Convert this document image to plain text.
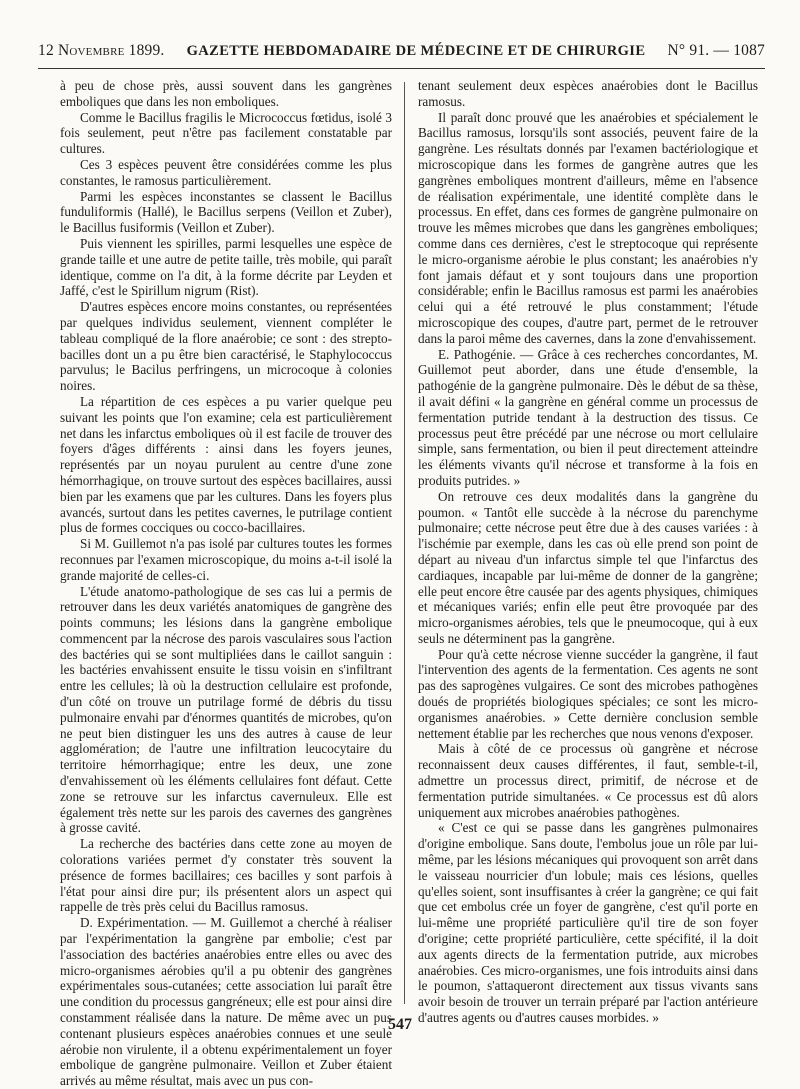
12 Novembre 1899. GAZETTE HEBDOMADAIRE DE MÉDECINE ET DE CHIRURGIE N° 91. — 1087

à peu de chose près, aussi souvent dans les gangrènes emboliques que dans les non emboliques.

Comme le Bacillus fragilis le Micrococcus fœtidus, isolé 3 fois seulement, peut n'être pas facilement constatable par cultures.

Ces 3 espèces peuvent être considérées comme les plus constantes, le ramosus particulièrement.

Parmi les espèces inconstantes se classent le Bacillus funduliformis (Hallé), le Bacillus serpens (Veillon et Zuber), le Bacillus fusiformis (Veillon et Zuber).

Puis viennent les spirilles, parmi lesquelles une espèce de grande taille et une autre de petite taille, très mobile, qui paraît identique, comme on l'a dit, à la forme décrite par Leyden et Jaffé, c'est le Spirillum nigrum (Rist).

D'autres espèces encore moins constantes, ou représentées par quelques individus seulement, viennent compléter le tableau compliqué de la flore anaérobie; ce sont : des strepto-bacilles dont un a pu être bien caractérisé, le Staphylococcus parvulus; le Bacilus perfringens, un microcoque à colonies noires.

La répartition de ces espèces a pu varier quelque peu suivant les points que l'on examine; cela est particulièrement net dans les infarctus emboliques où il est facile de trouver des foyers d'âges différents : ainsi dans les foyers jeunes, représentés par un noyau purulent au centre d'une zone hémorrhagique, on trouve surtout des espèces bacillaires, aussi bien par les examens que par les cultures. Dans les foyers plus avancés, surtout dans les petites cavernes, le putrilage contient plus de formes cocciques ou cocco-bacillaires.

Si M. Guillemot n'a pas isolé par cultures toutes les formes reconnues par l'examen microscopique, du moins a-t-il isolé la grande majorité de celles-ci.

L'étude anatomo-pathologique de ses cas lui a permis de retrouver dans les deux variétés anatomiques de gangrène des points communs; les lésions dans la gangrène embolique commencent par la nécrose des parois vasculaires sous l'action des bactéries qui se sont multipliées dans le caillot sanguin : les bactéries envahissent ensuite le tissu voisin en s'infiltrant entre les cellules; là où la destruction cellulaire est profonde, d'un côté on trouve un putrilage formé de débris du tissu pulmonaire envahi par d'énormes quantités de microbes, qu'on ne peut bien distinguer les uns des autres à cause de leur agglomération; de l'autre une infiltration leucocytaire du territoire hémorrhagique; entre les deux, une zone d'envahissement où les éléments cellulaires font défaut. Cette zone se retrouve sur les infarctus cavernuleux. Elle est également très nette sur les parois des cavernes des gangrènes à grosse cavité.

La recherche des bactéries dans cette zone au moyen de colorations variées permet d'y constater très souvent la présence de formes bacillaires; ces bacilles y sont parfois à l'état pour ainsi dire pur; ils présentent alors un aspect qui rappelle de très près celui du Bacillus ramosus.

D. Expérimentation. — M. Guillemot a cherché à réaliser par l'expérimentation la gangrène par embolie; c'est par l'association des bactéries anaérobies entre elles ou avec des micro-organismes aérobies qu'il a pu obtenir des gangrènes expérimentales sous-cutanées; cette association lui paraît être une condition du processus gangréneux; elle est pour ainsi dire constamment réalisée dans la nature. De même avec un pus contenant plusieurs espèces anaérobies connues et une seule aérobie non virulente, il a obtenu expérimentalement un foyer embolique de gangrène pulmonaire. Veillon et Zuber étaient arrivés au même résultat, mais avec un pus con-

tenant seulement deux espèces anaérobies dont le Bacillus ramosus.

Il paraît donc prouvé que les anaérobies et spécialement le Bacillus ramosus, lorsqu'ils sont associés, peuvent faire de la gangrène. Les résultats donnés par l'examen bactériologique et microscopique dans les formes de gangrène autres que les gangrènes emboliques montrent d'ailleurs, même en l'absence de réalisation expérimentale, une identité complète dans le processus. En effet, dans ces formes de gangrène pulmonaire on trouve les mêmes microbes que dans les gangrènes emboliques; comme dans ces dernières, c'est le streptocoque qui représente le micro-organisme aérobie le plus constant; les anaérobies n'y font jamais défaut et y sont toujours dans une proportion considérable; enfin le Bacillus ramosus est parmi les anaérobies celui qui a été retrouvé le plus constamment; l'étude microscopique des coupes, d'autre part, permet de le retrouver dans la paroi même des cavernes, dans la zone d'envahissement.

E. Pathogénie. — Grâce à ces recherches concordantes, M. Guillemot peut aborder, dans une étude d'ensemble, la pathogénie de la gangrène pulmonaire. Dès le début de sa thèse, il avait défini « la gangrène en général comme un processus de fermentation putride tendant à la destruction des tissus. Ce processus peut être précédé par une nécrose ou mort cellulaire simple, sans fermentation, ou bien il peut directement atteindre les éléments vivants qu'il nécrose et transforme à la fois en produits putrides. »

On retrouve ces deux modalités dans la gangrène du poumon. « Tantôt elle succède à la nécrose du parenchyme pulmonaire; cette nécrose peut être due à des causes variées : à l'ischémie par exemple, dans les cas où elle prend son point de départ au niveau d'un infarctus simple tel que l'infarctus des cardiaques, incapable par lui-même de donner de la gangrène; elle peut encore être causée par des agents physiques, chimiques et mécaniques variés; enfin elle peut être provoquée par des micro-organismes aérobies, tels que le pneumocoque, qui à eux seuls ne déterminent pas la gangrène.

Pour qu'à cette nécrose vienne succéder la gangrène, il faut l'intervention des agents de la fermentation. Ces agents ne sont pas des saprogènes vulgaires. Ce sont des microbes pathogènes doués de propriétés biologiques spéciales; ce sont les micro-organismes anaérobies. » Cette dernière conclusion semble nettement établie par les recherches que nous venons d'exposer.

Mais à côté de ce processus où gangrène et nécrose reconnaissent deux causes différentes, il faut, semble-t-il, admettre un processus direct, primitif, de nécrose et de fermentation putride simultanées. « Ce processus est dû alors uniquement aux microbes anaérobies pathogènes.

« C'est ce qui se passe dans les gangrènes pulmonaires d'origine embolique. Sans doute, l'embolus joue un rôle par lui-même, par les lésions mécaniques qui provoquent son arrêt dans le vaisseau nourricier d'un lobule; mais ces lésions, quelles qu'elles soient, sont insuffisantes à créer la gangrène; ce qui fait que cet embolus crée un foyer de gangrène, c'est qu'il porte en lui-même une propriété particulière qu'il tire de son foyer d'origine; cette propriété particulière, cette spécifité, il la doit aux agents directs de la fermentation putride, aux microbes anaérobies. Ces micro-organismes, une fois introduits ainsi dans le poumon, s'attaqueront directement aux tissus vivants sans avoir besoin de trouver un terrain préparé par l'action antérieure d'autres agents ou d'autres causes morbides. »

547
